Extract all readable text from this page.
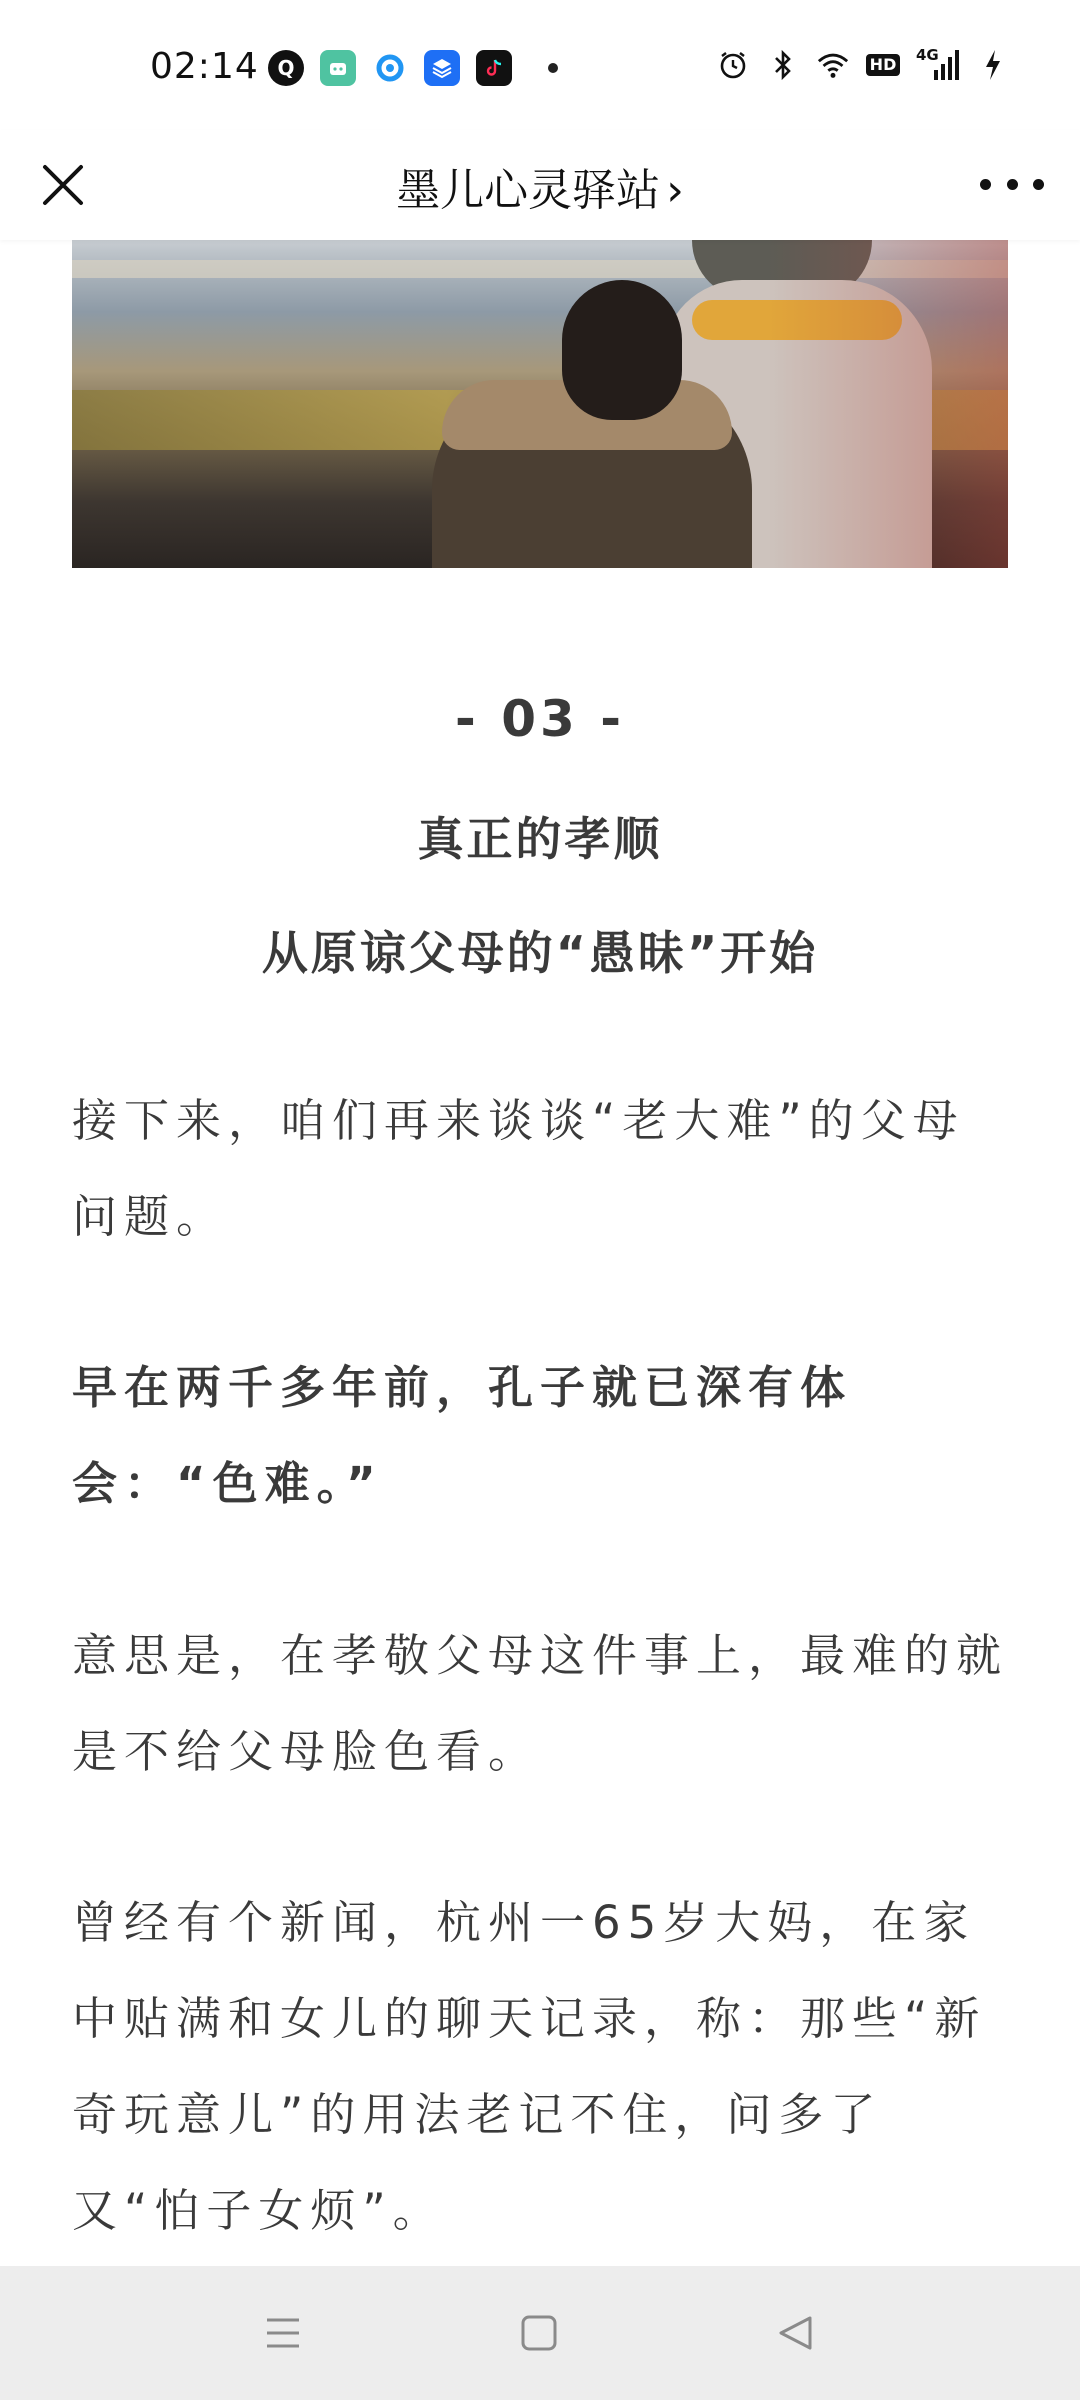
02:14 Q	HD 4G
墨儿心灵驿站 ›
- 03 -
真正的孝顺
从原谅父母的“愚昧”开始
接下来，咱们再来谈谈“老大难”的父母问题。
早在两千多年前，孔子就已深有体会：“色难。”
意思是，在孝敬父母这件事上，最难的就是不给父母脸色看。
曾经有个新闻，杭州一65岁大妈，在家中贴满和女儿的聊天记录，称：那些“新奇玩意儿”的用法老记不住，问多了又“怕子女烦”。
